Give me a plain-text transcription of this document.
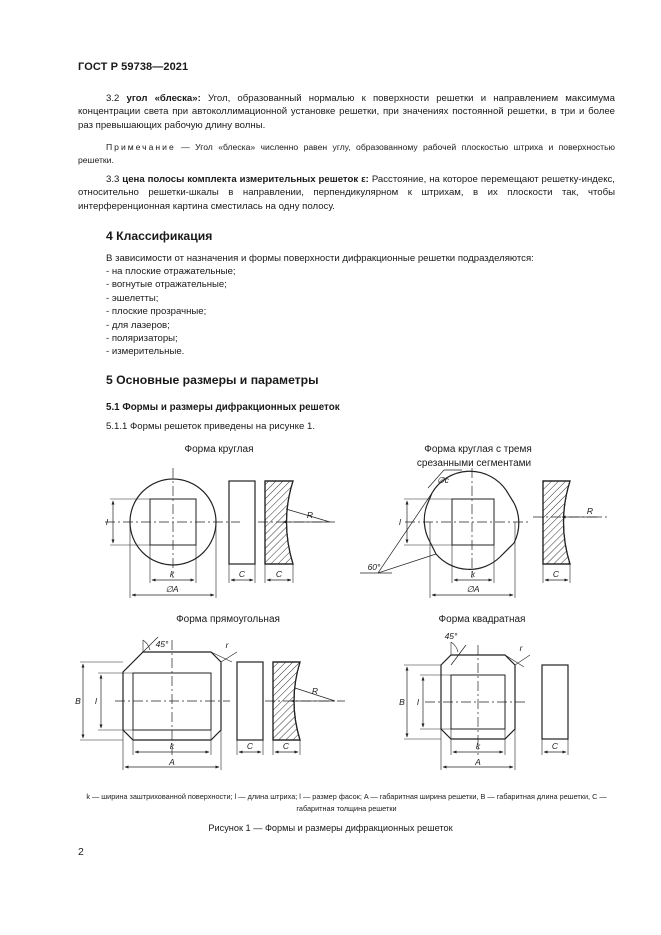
ГОСТ Р 59738—2021
3.2 угол «блеска»: Угол, образованный нормалью к поверхности решетки и направлением максимума концентрации света при автоколлимационной установке решетки, при значениях постоянной решетки, в три и более раз превышающих рабочую длину волны.
Примечание — Угол «блеска» численно равен углу, образованному рабочей плоскостью штриха и поверхностью решетки.
3.3 цена полосы комплекта измерительных решеток ε: Расстояние, на которое перемещают решетку-индекс, относительно решетки-шкалы в направлении, перпендикулярном к штрихам, в их плоскости так, чтобы интерференционная картина сместилась на одну полосу.
4 Классификация
В зависимости от назначения и формы поверхности дифракционные решетки подразделяются:
- на плоские отражательные;
- вогнутые отражательные;
- эшелетты;
- плоские прозрачные;
- для лазеров;
- поляризаторы;
- измерительные.
5 Основные размеры и параметры
5.1 Формы и размеры дифракционных решеток
5.1.1 Формы решеток приведены на рисунке 1.
Форма круглая	Форма круглая с тремя
срезанными сегментами
Форма прямоугольная	Форма квадратная
k
∅A
l
C	C
R
k
∅A
l
C
R
∅c
60°
k
A
l
B
C	C
R
45°	r
k
A
l
B
C
45°
r
k — ширина заштрихованной поверхности; l — длина штриха; l — размер фасок; A — габаритная ширина решетки, B — габаритная длина решетки, C — габаритная толщина решетки
Рисунок 1 — Формы и размеры дифракционных решеток
2
